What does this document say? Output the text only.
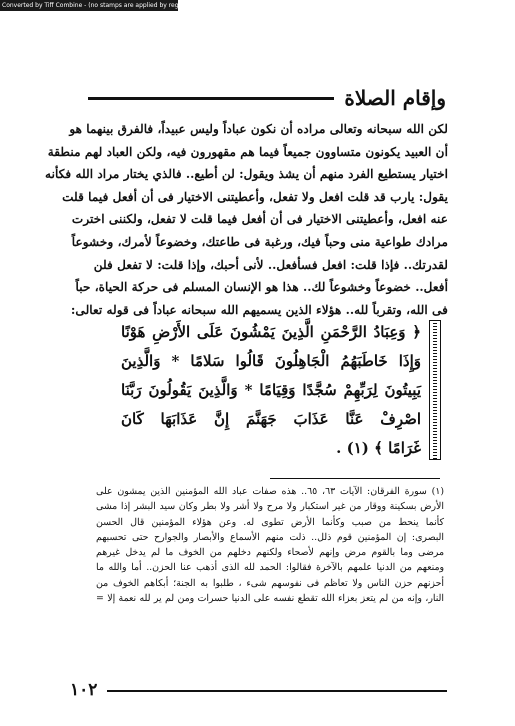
Converted by Tiff Combine - (no stamps are applied by registered version)
وإقام الصلاة
لكن الله سبحانه وتعالى مراده أن نكون عباداً وليس عبيداً، فالفرق بينهما هو
أن العبيد يكونون متساوون جميعاً فيما هم مقهورون فيه، ولكن العباد لهم منطقة
اختيار يستطيع الفرد منهم أن يشذ ويقول: لن أطيع.. فالذي يختار مراد الله فكأنه
يقول: يارب قد قلت افعل ولا تفعل، وأعطيتنى الاختيار فى أن أفعل فيما قلت
عنه افعل، وأعطيتنى الاختيار فى أن أفعل فيما قلت لا تفعل، ولكننى اخترت
مرادك طواعية منى وحباً فيك، ورغبة فى طاعتك، وخضوعاً لأمرك، وخشوعاً
لقدرتك.. فإذا قلت: افعل فسأفعل.. لأنى أحبك، وإذا قلت: لا تفعل فلن
أفعل.. خضوعاً وخشوعاً لك.. هذا هو الإنسان المسلم فى حركة الحياة، حباً
فى الله، وتقرباً لله.. هؤلاء الذين يسميهم الله سبحانه عباداً فى قوله تعالى:
﴿ وَعِبَادُ الرَّحْمَنِ الَّذِينَ يَمْشُونَ عَلَى الأَرْضِ هَوْنًا
وَإِذَا خَاطَبَهُمُ الْجَاهِلُونَ قَالُوا سَلامًا * وَالَّذِينَ
يَبِيتُونَ لِرَبِّهِمْ سُجَّدًا وَقِيَامًا * وَالَّذِينَ يَقُولُونَ رَبَّنَا
اصْرِفْ عَنَّا عَذَابَ جَهَنَّمَ إِنَّ عَذَابَهَا كَانَ
غَرَامًا ﴾ (١) .
(١) سورة الفرقان: الآيات ٦٣، ٦٥.. هذه صفات عباد الله المؤمنين الذين يمشون على
الأرض بسكينة ووقار من غير استكبار ولا مرح ولا أشر ولا بطر وكان سيد البشر إذا مشى
كأنما ينحط من صبب وكأنما الأرض تطوى له. وعن هؤلاء المؤمنين قال الحسن
البصرى: إن المؤمنين قوم ذلل.. ذلت منهم الأسماع والأبصار والجوارح حتى تحسبهم
مرضى وما بالقوم مرض وإنهم لأصحاء ولكنهم دخلهم من الخوف ما لم يدخل غيرهم
ومنعهم من الدنيا علمهم بالآخرة فقالوا: الحمد لله الذى أذهب عنا الحزن.. أما والله ما
أحزنهم حزن الناس ولا تعاظم فى نفوسهم شىء ، طلبوا به الجنة؛ أبكاهم الخوف من
النار، وإنه من لم يتعز بعزاء الله تقطع نفسه على الدنيا حسرات ومن لم ير لله نعمة إلا =
١٠٢
